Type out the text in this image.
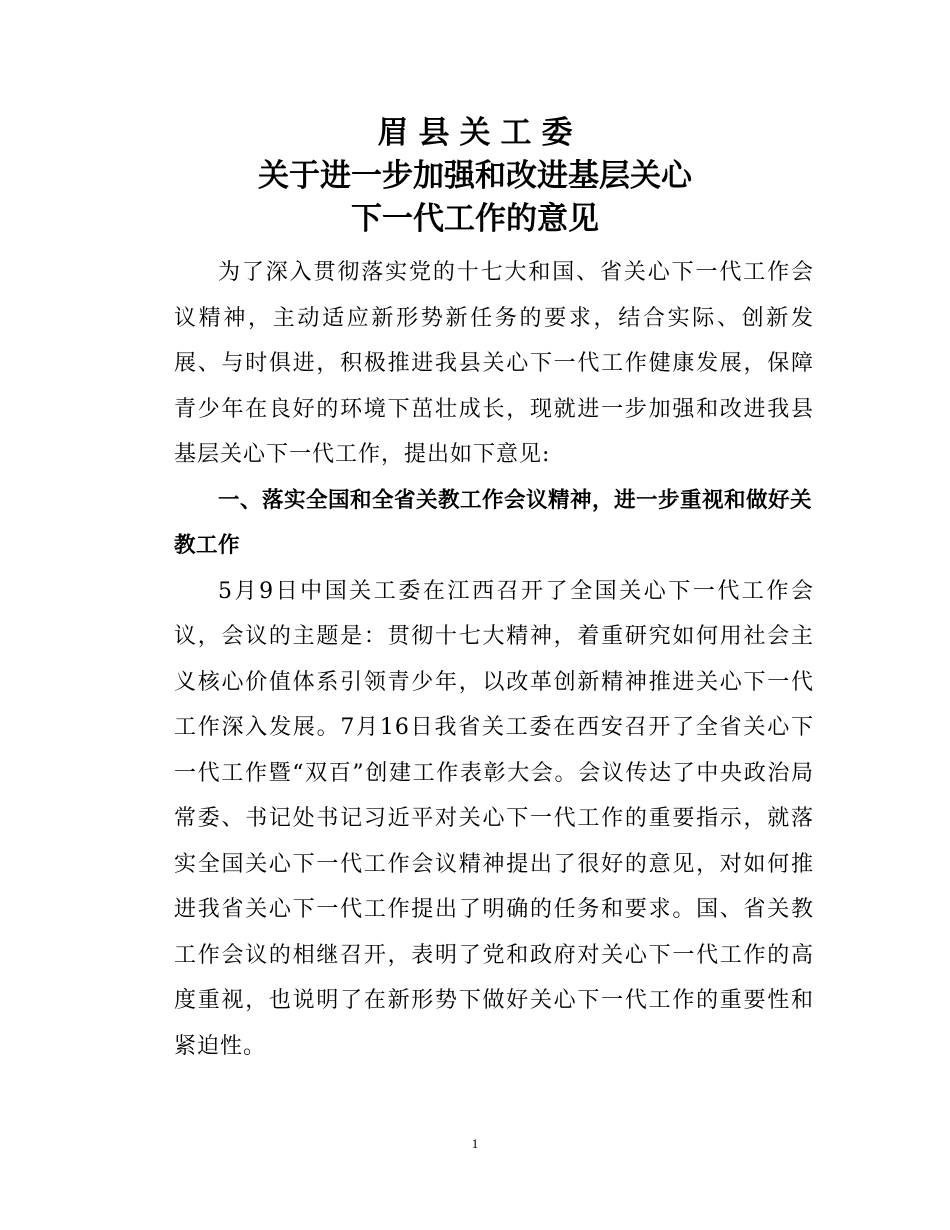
眉县关工委
关于进一步加强和改进基层关心
下一代工作的意见

为了深入贯彻落实党的十七大和国、省关心下一代工作会议精神，主动适应新形势新任务的要求，结合实际、创新发展、与时俱进，积极推进我县关心下一代工作健康发展，保障青少年在良好的环境下茁壮成长，现就进一步加强和改进我县基层关心下一代工作，提出如下意见:

一、落实全国和全省关教工作会议精神，进一步重视和做好关教工作

5月9日中国关工委在江西召开了全国关心下一代工作会议，会议的主题是：贯彻十七大精神，着重研究如何用社会主义核心价值体系引领青少年，以改革创新精神推进关心下一代工作深入发展。7月16日我省关工委在西安召开了全省关心下一代工作暨“双百”创建工作表彰大会。会议传达了中央政治局常委、书记处书记习近平对关心下一代工作的重要指示，就落实全国关心下一代工作会议精神提出了很好的意见，对如何推进我省关心下一代工作提出了明确的任务和要求。国、省关教工作会议的相继召开，表明了党和政府对关心下一代工作的高度重视，也说明了在新形势下做好关心下一代工作的重要性和紧迫性。

1
